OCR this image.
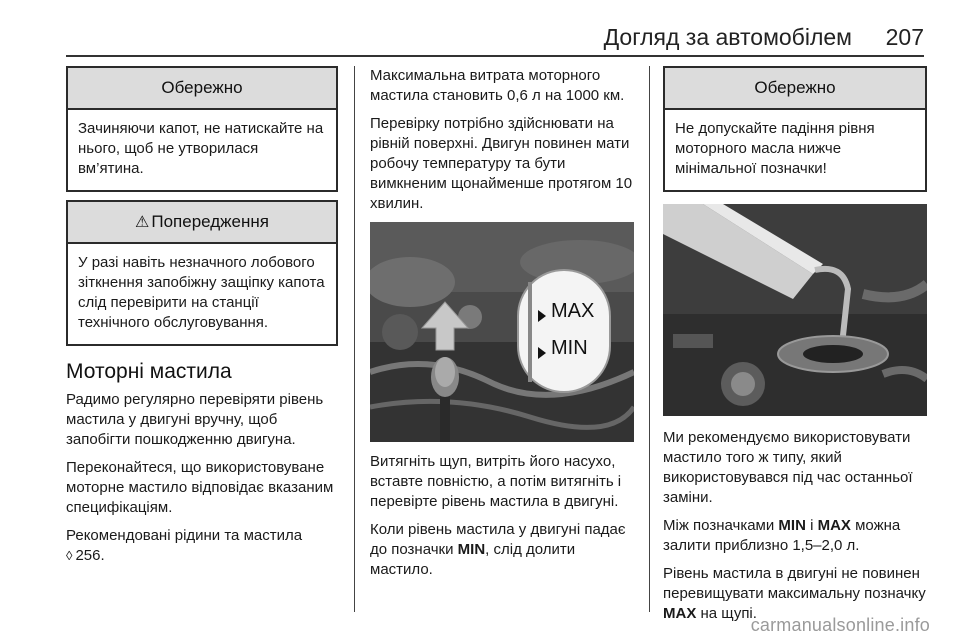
Догляд за автомобілем 207
Обережно
Зачиняючи капот, не натискайте на нього, щоб не утворилася вм’ятина.
⚠ Попередження
У разі навіть незначного лобового зіткнення запобіжну защіпку капота слід перевірити на станції технічного обслуговування.
Моторні мастила

Радимо регулярно перевіряти рівень мастила у двигуні вручну, щоб запобігти пошкодженню двигуна.

Переконайтеся, що використовуване моторне мастило відповідає вказаним специфікаціям.

Рекомендовані рідини та мастила
◊ 256.

Максимальна витрата моторного мастила становить 0,6 л на 1000 км.

Перевірку потрібно здійснювати на рівній поверхні. Двигун повинен мати робочу температуру та бути вимкненим щонайменше протягом 10 хвилин.

Витягніть щуп, витріть його насухо, вставте повністю, а потім витягніть і перевірте рівень мастила в двигуні.

Коли рівень мастила у двигуні падає до позначки MIN, слід долити мастило.

MAX
MIN
Обережно
Не допускайте падіння рівня моторного масла нижче мінімальної позначки!

Ми рекомендуємо використовувати мастило того ж типу, який використовувався під час останньої заміни.

Між позначками MIN і MAX можна залити приблизно 1,5–2,0 л.

Рівень мастила в двигуні не повинен перевищувати максимальну позначку MAX на щупі.

carmanualsonline.info
